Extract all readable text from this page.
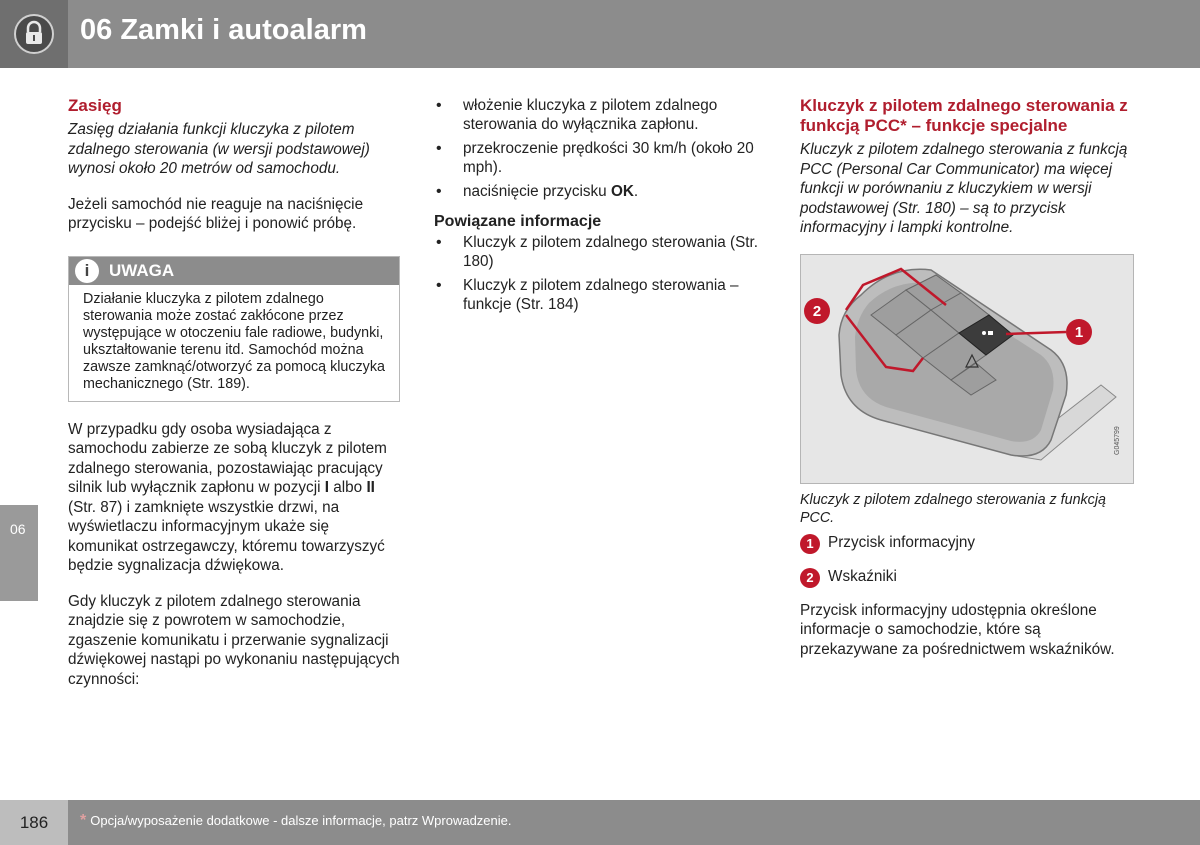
06 Zamki i autoalarm
06
Zasięg

Zasięg działania funkcji kluczyka z pilotem zdalnego sterowania (w wersji podstawowej) wynosi około 20 metrów od samochodu.

Jeżeli samochód nie reaguje na naciśnięcie przycisku – podejść bliżej i ponowić próbę.

i	UWAGA
Działanie kluczyka z pilotem zdalnego sterowania może zostać zakłócone przez występujące w otoczeniu fale radiowe, budynki, ukształtowanie terenu itd. Samochód można zawsze zamknąć/otworzyć za pomocą kluczyka mechanicznego (Str. 189).

W przypadku gdy osoba wysiadająca z samochodu zabierze ze sobą kluczyk z pilotem zdalnego sterowania, pozostawiając pracujący silnik lub wyłącznik zapłonu w pozycji I albo II (Str. 87) i zamknięte wszystkie drzwi, na wyświetlaczu informacyjnym ukaże się komunikat ostrzegawczy, któremu towarzyszyć będzie sygnalizacja dźwiękowa.

Gdy kluczyk z pilotem zdalnego sterowania znajdzie się z powrotem w samochodzie, zgaszenie komunikatu i przerwanie sygnalizacji dźwiękowej nastąpi po wykonaniu następujących czynności:

• włożenie kluczyka z pilotem zdalnego sterowania do wyłącznika zapłonu.
• przekroczenie prędkości 30 km/h (około 20 mph).
• naciśnięcie przycisku OK.
Powiązane informacje
• Kluczyk z pilotem zdalnego sterowania (Str. 180)
• Kluczyk z pilotem zdalnego sterowania – funkcje (Str. 184)
Kluczyk z pilotem zdalnego sterowania z funkcją PCC* – funkcje specjalne

Kluczyk z pilotem zdalnego sterowania z funkcją PCC (Personal Car Communicator) ma więcej funkcji w porównaniu z kluczykiem w wersji podstawowej (Str. 180) – są to przycisk informacyjny i lampki kontrolne.

2
1
G045799
Kluczyk z pilotem zdalnego sterowania z funkcją PCC.
1 Przycisk informacyjny
2 Wskaźniki

Przycisk informacyjny udostępnia określone informacje o samochodzie, które są przekazywane za pośrednictwem wskaźników.

186	* Opcja/wyposażenie dodatkowe - dalsze informacje, patrz Wprowadzenie.
